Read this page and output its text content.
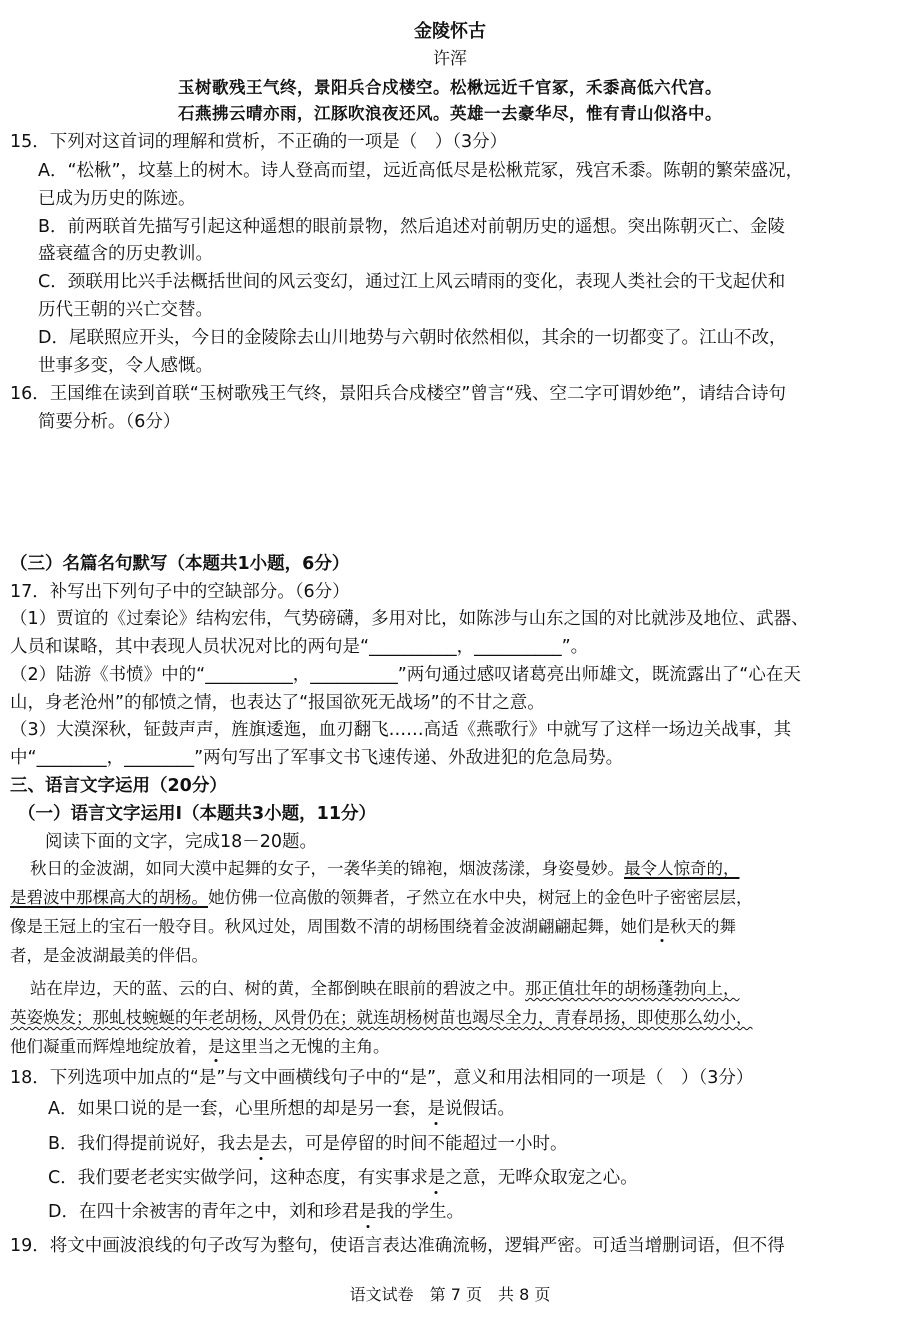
金陵怀古
许浑
玉树歌残王气终，景阳兵合戍楼空。松楸远近千官冢，禾黍高低六代宫。
石燕拂云晴亦雨，江豚吹浪夜还风。英雄一去豪华尽，惟有青山似洛中。
15．下列对这首词的理解和赏析，不正确的一项是（　）（3分）
A．“松楸”，坟墓上的树木。诗人登高而望，远近高低尽是松楸荒冢，残宫禾黍。陈朝的繁荣盛况，
已成为历史的陈迹。
B．前两联首先描写引起这种遥想的眼前景物，然后追述对前朝历史的遥想。突出陈朝灭亡、金陵
盛衰蕴含的历史教训。
C．颈联用比兴手法概括世间的风云变幻，通过江上风云晴雨的变化，表现人类社会的干戈起伏和
历代王朝的兴亡交替。
D．尾联照应开头，今日的金陵除去山川地势与六朝时依然相似，其余的一切都变了。江山不改，
世事多变，令人感慨。
16．王国维在读到首联“玉树歌残王气终，景阳兵合戍楼空”曾言“残、空二字可谓妙绝”，请结合诗句
简要分析。（6分）
（三）名篇名句默写（本题共1小题，6分）
17．补写出下列句子中的空缺部分。（6分）
（1）贾谊的《过秦论》结构宏伟，气势磅礴，多用对比，如陈涉与山东之国的对比就涉及地位、武器、
人员和谋略，其中表现人员状况对比的两句是“__________，__________”。
（2）陆游《书愤》中的“__________，__________”两句通过感叹诸葛亮出师雄文，既流露出了“心在天
山，身老沧州”的郁愤之情，也表达了“报国欲死无战场”的不甘之意。
（3）大漠深秋，钲鼓声声，旌旗逶迤，血刃翻飞……高适《燕歌行》中就写了这样一场边关战事，其
中“________，________”两句写出了军事文书飞速传递、外敌进犯的危急局势。
三、语言文字运用（20分）
（一）语言文字运用Ⅰ（本题共3小题，11分）
阅读下面的文字，完成18－20题。
秋日的金波湖，如同大漠中起舞的女子，一袭华美的锦袍，烟波荡漾，身姿曼妙。最令人惊奇的，
是碧波中那棵高大的胡杨。她仿佛一位高傲的领舞者，孑然立在水中央，树冠上的金色叶子密密层层，
像是王冠上的宝石一般夺目。秋风过处，周围数不清的胡杨围绕着金波湖翩翩起舞，她们是秋天的舞
者，是金波湖最美的伴侣。
站在岸边，天的蓝、云的白、树的黄，全都倒映在眼前的碧波之中。那正值壮年的胡杨蓬勃向上，
英姿焕发；那虬枝蜿蜒的年老胡杨，风骨仍在；就连胡杨树苗也竭尽全力，青春昂扬，即使那么幼小，
他们凝重而辉煌地绽放着，是这里当之无愧的主角。
18．下列选项中加点的“是”与文中画横线句子中的“是”，意义和用法相同的一项是（　）（3分）
A．如果口说的是一套，心里所想的却是另一套，是说假话。
B．我们得提前说好，我去是去，可是停留的时间不能超过一小时。
C．我们要老老实实做学问，这种态度，有实事求是之意，无哗众取宠之心。
D．在四十余被害的青年之中，刘和珍君是我的学生。
19．将文中画波浪线的句子改写为整句，使语言表达准确流畅，逻辑严密。可适当增删词语，但不得
语文试卷　第 7 页　共 8 页
